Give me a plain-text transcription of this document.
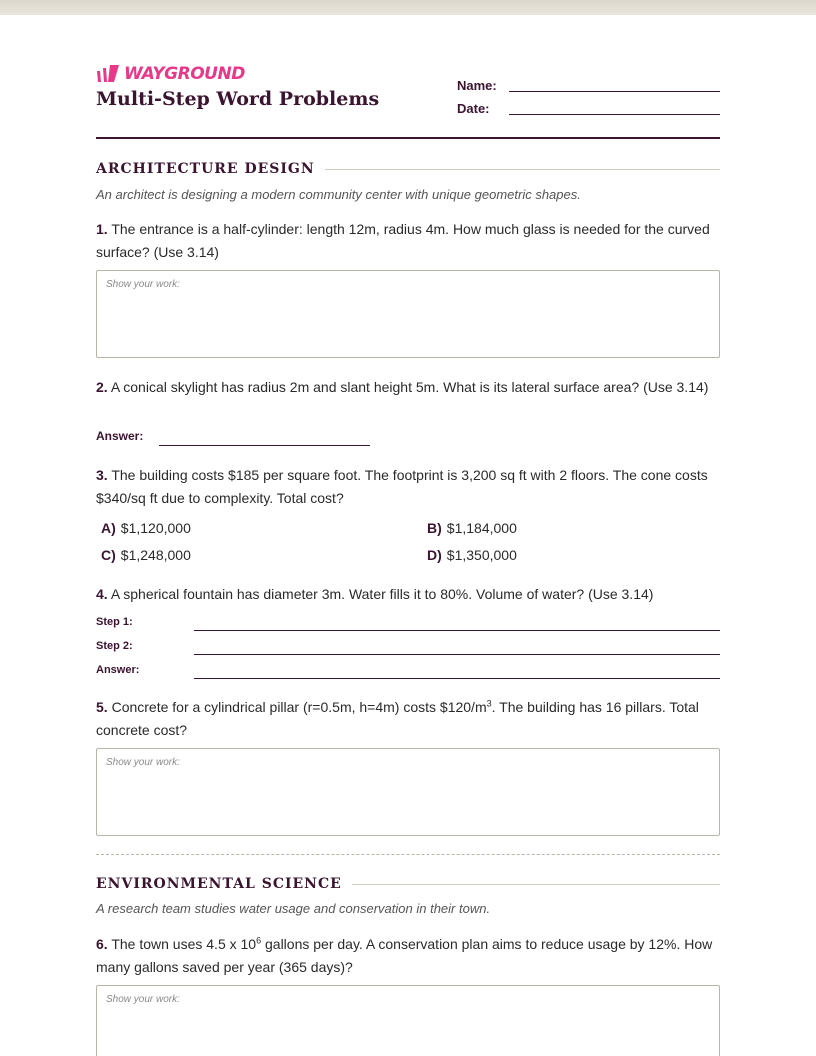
WAYGROUND
Multi-Step Word Problems
Name:
Date:
ARCHITECTURE DESIGN
An architect is designing a modern community center with unique geometric shapes.
1. The entrance is a half-cylinder: length 12m, radius 4m. How much glass is needed for the curved surface? (Use 3.14)
Show your work:
2. A conical skylight has radius 2m and slant height 5m. What is its lateral surface area? (Use 3.14)
Answer:
3. The building costs $185 per square foot. The footprint is 3,200 sq ft with 2 floors. The cone costs $340/sq ft due to complexity. Total cost?
A) $1,120,000	B) $1,184,000
C) $1,248,000	D) $1,350,000
4. A spherical fountain has diameter 3m. Water fills it to 80%. Volume of water? (Use 3.14)
Step 1:
Step 2:
Answer:
5. Concrete for a cylindrical pillar (r=0.5m, h=4m) costs $\$120/m^3$. The building has 16 pillars. Total concrete cost?
Show your work:
ENVIRONMENTAL SCIENCE
A research team studies water usage and conservation in their town.
6. The town uses 4.5 x $10^6$ gallons per day. A conservation plan aims to reduce usage by 12%. How many gallons saved per year (365 days)?
Show your work:
